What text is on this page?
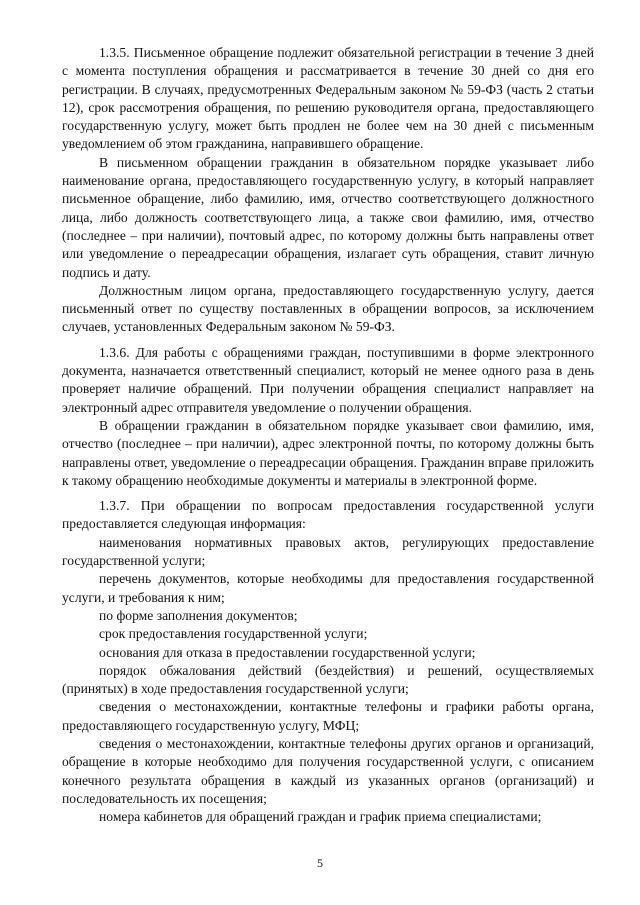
1.3.5. Письменное обращение подлежит обязательной регистрации в течение 3 дней с момента поступления обращения и рассматривается в течение 30 дней со дня его регистрации. В случаях, предусмотренных Федеральным законом № 59-ФЗ (часть 2 статьи 12), срок рассмотрения обращения, по решению руководителя органа, предоставляющего государственную услугу, может быть продлен не более чем на 30 дней с письменным уведомлением об этом гражданина, направившего обращение.

В письменном обращении гражданин в обязательном порядке указывает либо наименование органа, предоставляющего государственную услугу, в который направляет письменное обращение, либо фамилию, имя, отчество соответствующего должностного лица, либо должность соответствующего лица, а также свои фамилию, имя, отчество (последнее – при наличии), почтовый адрес, по которому должны быть направлены ответ или уведомление о переадресации обращения, излагает суть обращения, ставит личную подпись и дату.

Должностным лицом органа, предоставляющего государственную услугу, дается письменный ответ по существу поставленных в обращении вопросов, за исключением случаев, установленных Федеральным законом № 59-ФЗ.

1.3.6. Для работы с обращениями граждан, поступившими в форме электронного документа, назначается ответственный специалист, который не менее одного раза в день проверяет наличие обращений. При получении обращения специалист направляет на электронный адрес отправителя уведомление о получении обращения.

В обращении гражданин в обязательном порядке указывает свои фамилию, имя, отчество (последнее – при наличии), адрес электронной почты, по которому должны быть направлены ответ, уведомление о переадресации обращения. Гражданин вправе приложить к такому обращению необходимые документы и материалы в электронной форме.

1.3.7. При обращении по вопросам предоставления государственной услуги предоставляется следующая информация:

наименования нормативных правовых актов, регулирующих предоставление государственной услуги;

перечень документов, которые необходимы для предоставления государственной услуги, и требования к ним;

по форме заполнения документов;

срок предоставления государственной услуги;

основания для отказа в предоставлении государственной услуги;

порядок обжалования действий (бездействия) и решений, осуществляемых (принятых) в ходе предоставления государственной услуги;

сведения о местонахождении, контактные телефоны и графики работы органа, предоставляющего государственную услугу, МФЦ;

сведения о местонахождении, контактные телефоны других органов и организаций, обращение в которые необходимо для получения государственной услуги, с описанием конечного результата обращения в каждый из указанных органов (организаций) и последовательность их посещения;

номера кабинетов для обращений граждан и график приема специалистами;

5
